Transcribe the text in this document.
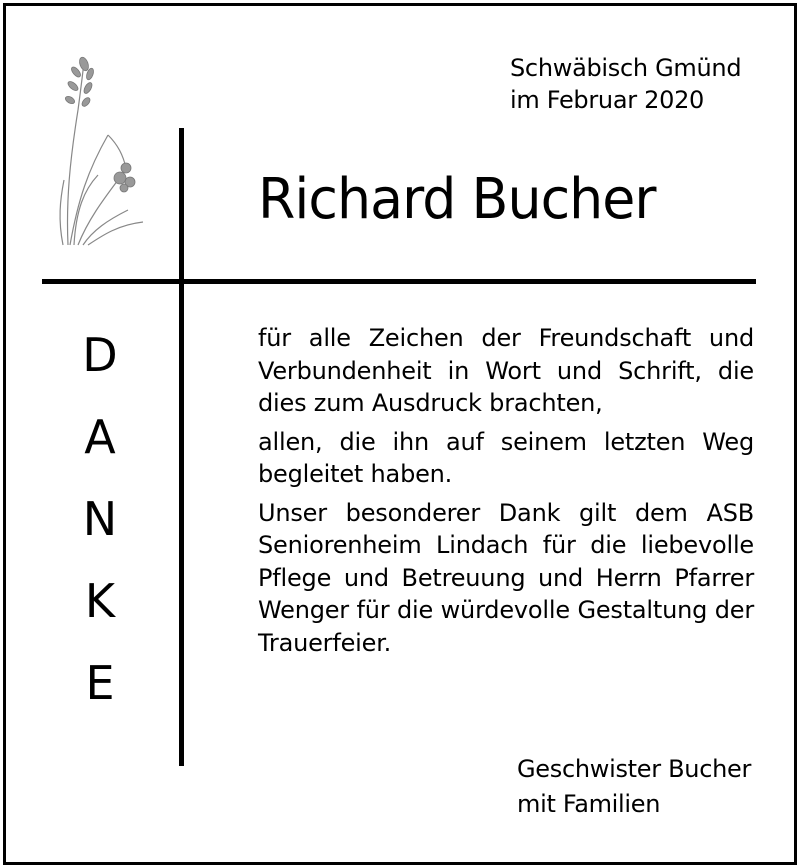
Schwäbisch Gmünd
im Februar 2020
Richard Bucher
D
A
N
K
E

für alle Zeichen der Freundschaft und Verbundenheit in Wort und Schrift, die dies zum Ausdruck brachten,

allen, die ihn auf seinem letzten Weg begleitet haben.

Unser besonderer Dank gilt dem ASB Seniorenheim Lindach für die liebevolle Pflege und Betreuung und Herrn Pfarrer Wenger für die würdevolle Gestaltung der Trauerfeier.

Geschwister Bucher
mit Familien
